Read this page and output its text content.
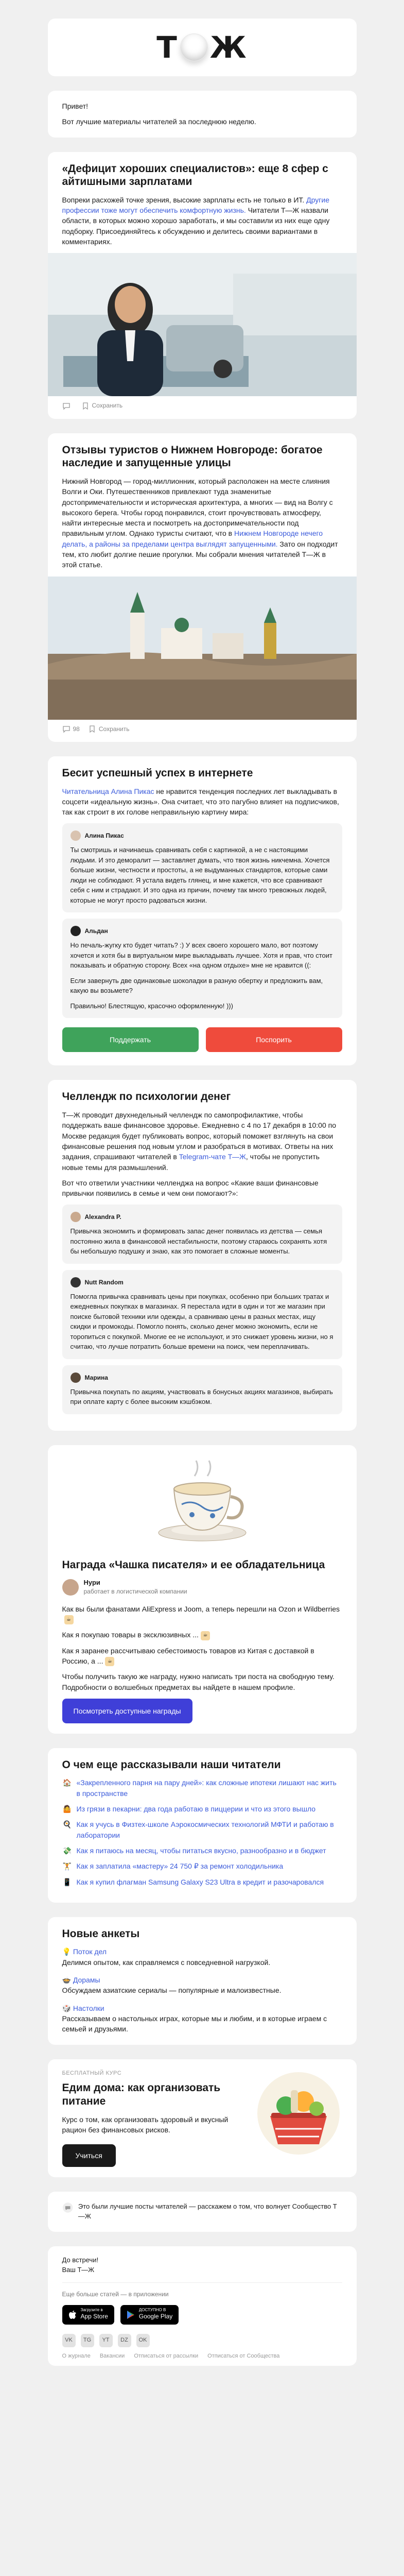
Т Ж

Привет!

Вот лучшие материалы читателей за последнюю неделю.

«Дефицит хороших специалистов»: еще 8 сфер с айтишными зарплатами

Вопреки расхожей точке зрения, высокие зарплаты есть не только в ИТ. Другие профессии тоже могут обеспечить комфортную жизнь. Читатели Т—Ж назвали области, в которых можно хорошо заработать, и мы составили из них еще одну подборку. Присоединяйтесь к обсуждению и делитесь своими вариантами в комментариях.

Сохранить
Отзывы туристов о Нижнем Новгороде: богатое наследие и запущенные улицы

Нижний Новгород — город-миллионник, который расположен на месте слияния Волги и Оки. Путешественников привлекают туда знаменитые достопримечательности и историческая архитектура, а многих — вид на Волгу с высокого берега. Чтобы город понравился, стоит прочувствовать атмосферу, найти интересные места и посмотреть на достопримечательности под правильным углом. Однако туристы считают, что в Нижнем Новгороде нечего делать, а районы за пределами центра выглядят запущенными. Зато он подходит тем, кто любит долгие пешие прогулки. Мы собрали мнения читателей Т—Ж в этой статье.

98	Сохранить
Бесит успешный успех в интернете

Читательница Алина Пикас не нравится тенденция последних лет выкладывать в соцсети «идеальную жизнь». Она считает, что это пагубно влияет на подписчиков, так как строит в их голове неправильную картину мира:

Алина Пикас
Ты смотришь и начинаешь сравнивать себя с картинкой, а не с настоящими людьми. И это деморалит — заставляет думать, что твоя жизнь никчемна. Хочется больше жизни, честности и простоты, а не выдуманных стандартов, которые сами люди не соблюдают. Я устала видеть глянец, и мне кажется, что все сравнивают себя с ним и страдают. И это одна из причин, почему так много тревожных людей, которые не могут просто радоваться жизни.
Альдан

Но печаль-жугку кто будет читать? :) У всех своего хорошего мало, вот поэтому хочется и хотя бы в виртуальном мире выкладывать лучшее. Хотя и прав, что стоит показывать и обратную сторону. Всех «на одном отдыхе» мне не нравится ((:

Если завернуть две одинаковые шоколадки в разную обертку и предложить вам, какую вы возьмете?

Правильно! Блестящую, красочно оформленную! )))

Поддержать	Поспорить
Челлендж по психологии денег

Т—Ж проводит двухнедельный челлендж по самопрофилактике, чтобы поддержать ваше финансовое здоровье. Ежедневно с 4 по 17 декабря в 10:00 по Москве редакция будет публиковать вопрос, который поможет взглянуть на свои финансовые решения под новым углом и разобраться в мотивах. Ответы на них задания, спрашивают читателей в Telegram-чате Т—Ж, чтобы не пропустить новые темы для размышлений.

Вот что ответили участники челленджа на вопрос «Какие ваши финансовые привычки появились в семье и чем они помогают?»:

Alexandra P.
Привычка экономить и формировать запас денег появилась из детства — семья постоянно жила в финансовой нестабильности, поэтому стараюсь сохранять хотя бы небольшую подушку и знаю, как это помогает в сложные моменты.
Nutt Random
Помогла привычка сравнивать цены при покупках, особенно при больших тратах и ежедневных покупках в магазинах. Я перестала идти в один и тот же магазин при поиске бытовой техники или одежды, а сравниваю цены в разных местах, ищу скидки и промокоды. Помогло понять, сколько денег можно экономить, если не торопиться с покупкой. Многие ее не используют, и это снижает уровень жизни, но я считаю, что лучше потратить больше времени на поиск, чем переплачивать.
Марина
Привычка покупать по акциям, участвовать в бонусных акциях магазинов, выбирать при оплате карту с более высоким кэшбэком.
Награда «Чашка писателя» и ее обладательница
Нури
работает в логистической компании

Как вы были фанатами AliExpress и Joom, а теперь перешли на Ozon и Wildberries☕

Как я покупаю товары в эксклюзивных ... ☕

Как я заранее рассчитываю себестоимость товаров из Китая с доставкой в Россию, а ... ☕

Чтобы получить такую же награду, нужно написать три поста на свободную тему. Подробности о волшебных предметах вы найдете в нашем профиле.

Посмотреть доступные награды
О чем еще рассказывали наши читатели
🏠 «Закрепленного парня на пару дней»: как сложные ипотеки лишают нас жить в пространстве
🤷 Из грязи в пекарни: два года работаю в пиццерии и что из этого вышло
🍳 Как я учусь в Физтех-школе Аэрокосмических технологий МФТИ и работаю в лаборатории
💸 Как я питаюсь на месяц, чтобы питаться вкусно, разнообразно и в бюджет
🏋 Как я заплатила «мастеру» 24 750 ₽ за ремонт холодильника
📱 Как я купил флагман Samsung Galaxy S23 Ultra в кредит и разочаровался
Новые анкеты
💡 Поток дел
Делимся опытом, как справляемся с повседневной нагрузкой.
🍲 Дорамы
Обсуждаем азиатские сериалы — популярные и малоизвестные.
🎲 Настолки
Рассказываем о настольных играх, которые мы и любим, и в которые играем с семьей и друзьями.
БЕСПЛАТНЫЙ КУРС
Едим дома: как организовать питание

Курс о том, как организовать здоровый и вкусный рацион без финансовых рисков.

Учиться
Это были лучшие посты читателей — расскажем о том, что волнует Сообщество Т—Ж
До встречи!
Ваш Т—Ж
Еще больше статей — в приложении
Загрузите в
App Store
ДОСТУПНО В
Google Play
VK	TG	YT	DZ	OK
О журнале Вакансии Отписаться от рассылки Отписаться от Сообщества
